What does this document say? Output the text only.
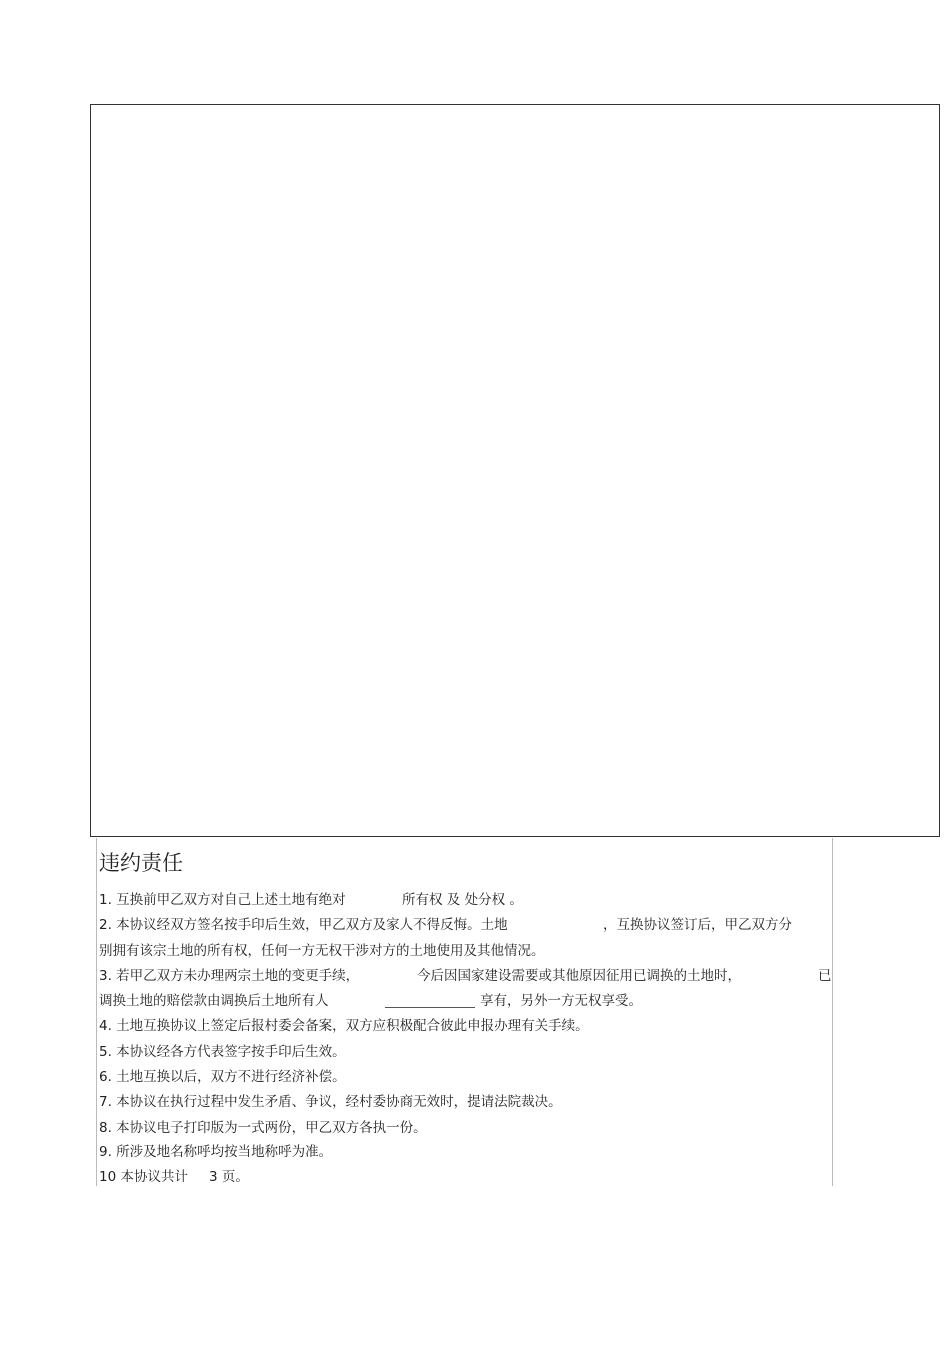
违约责任
1. 互换前甲乙双方对自己上述土地有绝对	所有权 及 处分权 。
2. 本协议经双方签名按手印后生效，甲乙双方及家人不得反悔。土地	，互换协议签订后，甲乙双方分
别拥有该宗土地的所有权，任何一方无权干涉对方的土地使用及其他情况。
3. 若甲乙双方未办理两宗土地的变更手续，	今后因国家建设需要或其他原因征用已调换的土地时，	已
调换土地的赔偿款由调换后土地所有人	享有，另外一方无权享受。
4. 土地互换协议上签定后报村委会备案，双方应积极配合彼此申报办理有关手续。
5. 本协议经各方代表签字按手印后生效。
6. 土地互换以后，双方不进行经济补偿。
7. 本协议在执行过程中发生矛盾、争议，经村委协商无效时，提请法院裁决。
8. 本协议电子打印版为一式两份，甲乙双方各执一份。
9. 所涉及地名称呼均按当地称呼为准。
10 本协议共计 3 页。
